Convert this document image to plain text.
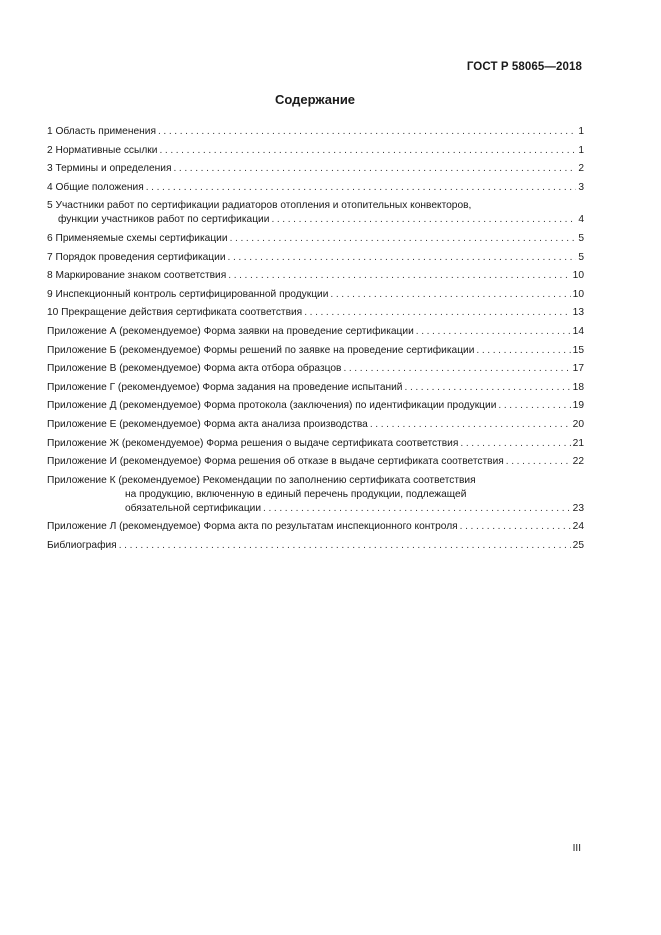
ГОСТ Р 58065—2018
Содержание
1 Область применения .....	1
2 Нормативные ссылки .....	1
3 Термины и определения .....	2
4 Общие положения .....	3
5 Участники работ по сертификации радиаторов отопления и отопительных конвекторов,
функции участников работ по сертификации .....	4
6 Применяемые схемы сертификации .....	5
7 Порядок проведения сертификации .....	5
8 Маркирование знаком соответствия .....	10
9 Инспекционный контроль сертифицированной продукции .....	10
10 Прекращение действия сертификата соответствия .....	13
Приложение А (рекомендуемое) Форма заявки на проведение сертификации .....	14
Приложение Б (рекомендуемое) Формы решений по заявке на проведение сертификации .....	15
Приложение В (рекомендуемое) Форма акта отбора образцов .....	17
Приложение Г (рекомендуемое) Форма задания на проведение испытаний .....	18
Приложение Д (рекомендуемое) Форма протокола (заключения) по идентификации продукции .....	19
Приложение Е (рекомендуемое) Форма акта анализа производства .....	20
Приложение Ж (рекомендуемое) Форма решения о выдаче сертификата соответствия .....	21
Приложение И (рекомендуемое) Форма решения об отказе в выдаче сертификата соответствия .....	22
Приложение К (рекомендуемое) Рекомендации по заполнению сертификата соответствия
на продукцию, включенную в единый перечень продукции, подлежащей
обязательной сертификации .....	23
Приложение Л (рекомендуемое) Форма акта по результатам инспекционного контроля .....	24
Библиография .....	25
III
